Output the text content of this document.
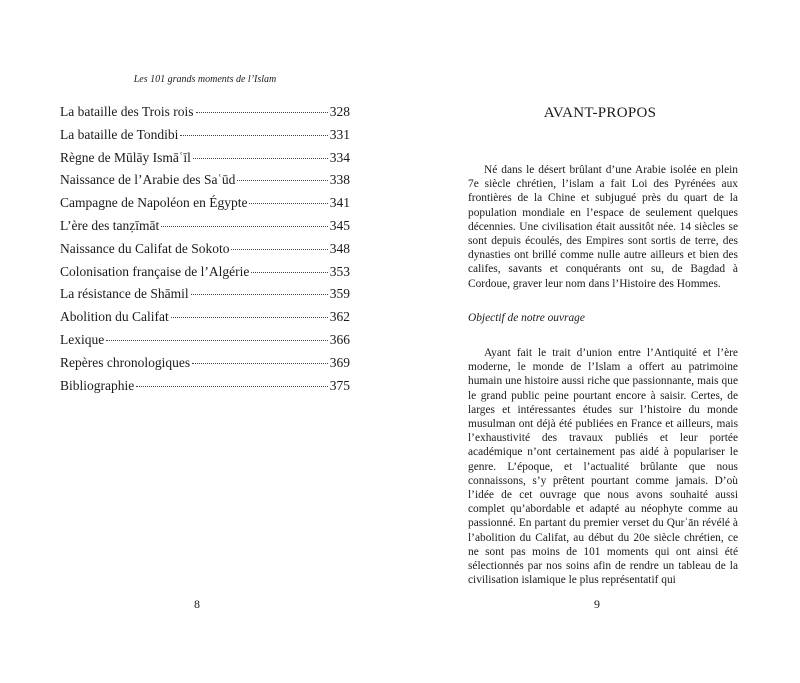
Les 101 grands moments de l’Islam
La bataille des Trois rois	328
La bataille de Tondibi	331
Règne de Mūlāy Ismāʿīl	334
Naissance de l’Arabie des Saʿūd	338
Campagne de Napoléon en Égypte	341
L’ère des tanẓīmāt	345
Naissance du Califat de Sokoto	348
Colonisation française de l’Algérie	353
La résistance de Shāmil	359
Abolition du Califat	362
Lexique	366
Repères chronologiques	369
Bibliographie	375
8
AVANT-PROPOS

Né dans le désert brûlant d’une Arabie isolée en plein 7e siècle chrétien, l’islam a fait Loi des Pyrénées aux frontières de la Chine et subjugué près du quart de la population mondiale en l’espace de seulement quelques décennies. Une civilisation était aussitôt née. 14 siècles se sont depuis écoulés, des Empires sont sortis de terre, des dynasties ont brillé comme nulle autre ailleurs et bien des califes, savants et conquérants ont su, de Bagdad à Cordoue, graver leur nom dans l’Histoire des Hommes.

Objectif de notre ouvrage

Ayant fait le trait d’union entre l’Antiquité et l’ère moderne, le monde de l’Islam a offert au patrimoine humain une histoire aussi riche que passionnante, mais que le grand public peine pourtant encore à saisir. Certes, de larges et intéressantes études sur l’histoire du monde musulman ont déjà été publiées en France et ailleurs, mais l’exhaustivité des travaux publiés et leur portée académique n’ont certainement pas aidé à populariser le genre. L’époque, et l’actualité brûlante que nous connaissons, s’y prêtent pourtant comme jamais. D’où l’idée de cet ouvrage que nous avons souhaité aussi complet qu’abordable et adapté au néophyte comme au passionné. En partant du premier verset du Qurʾān révélé à l’abolition du Califat, au début du 20e siècle chrétien, ce ne sont pas moins de 101 moments qui ont ainsi été sélectionnés par nos soins afin de rendre un tableau de la civilisation islamique le plus représentatif qui

9
